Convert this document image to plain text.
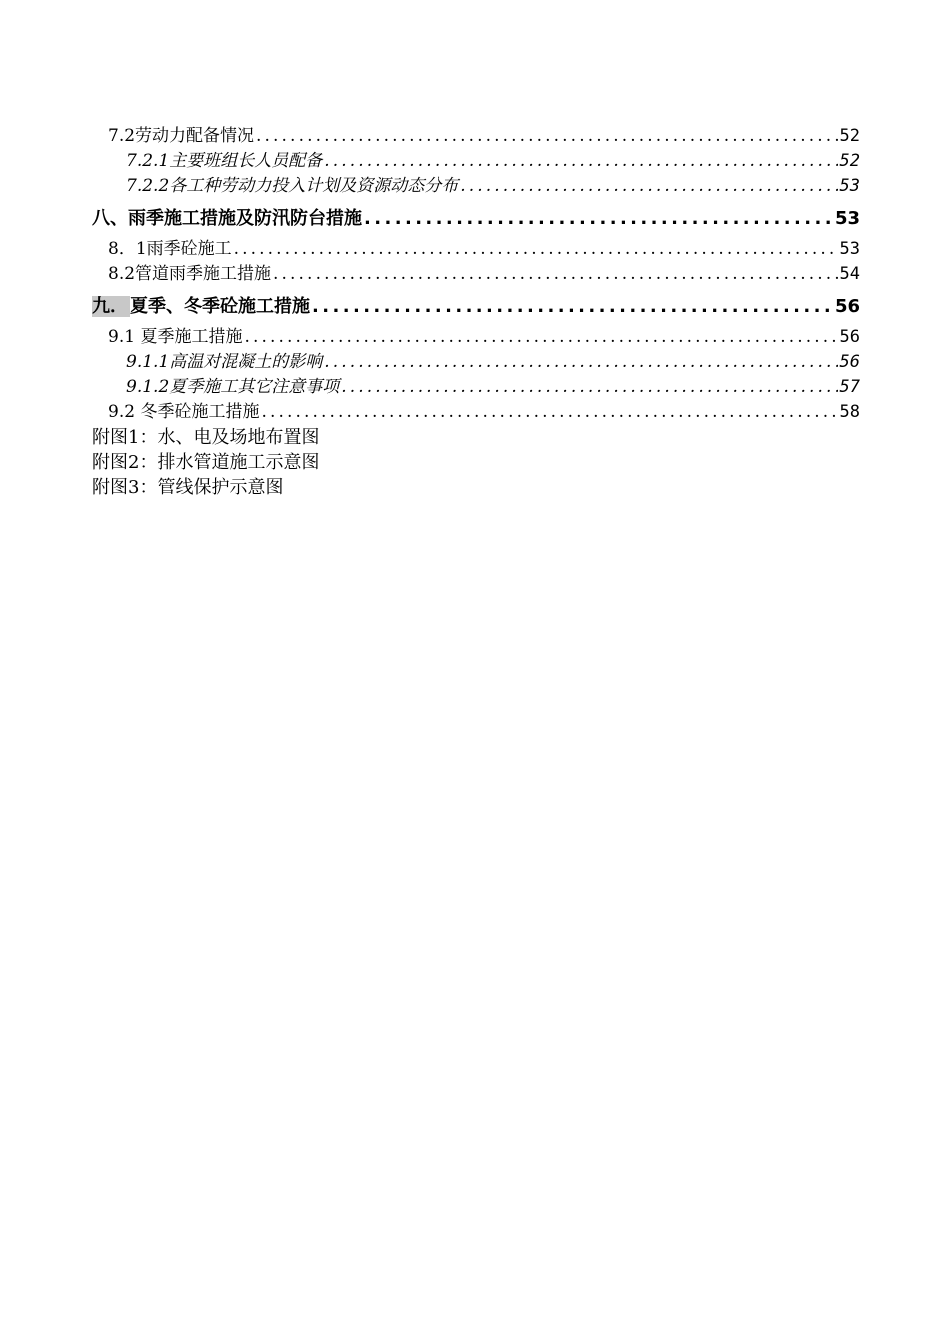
7.2劳动力配备情况 .....	52
7.2.1主要班组长人员配备 .....	52
7.2.2各工种劳动力投入计划及资源动态分布 .....	53
八、雨季施工措施及防汛防台措施 .....	53
8．1雨季砼施工 .....	53
8.2管道雨季施工措施 .....	54
九． 夏季、冬季砼施工措施 .....	56
9.1 夏季施工措施 .....	56
9.1.1高温对混凝土的影响 .....	56
9.1.2夏季施工其它注意事项 .....	57
9.2 冬季砼施工措施 .....	58
附图1：水、电及场地布置图
附图2：排水管道施工示意图
附图3：管线保护示意图
